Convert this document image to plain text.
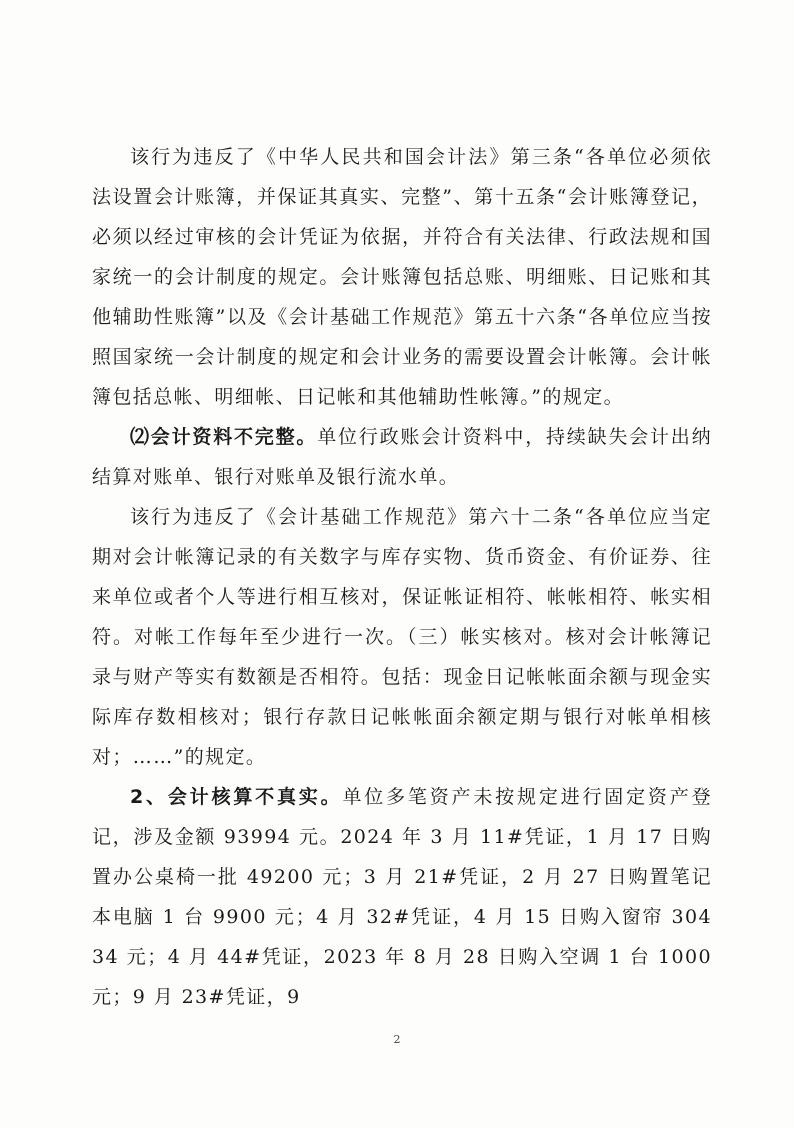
该行为违反了《中华人民共和国会计法》第三条“各单位必须依法设置会计账簿，并保证其真实、完整”、第十五条“会计账簿登记，必须以经过审核的会计凭证为依据，并符合有关法律、行政法规和国家统一的会计制度的规定。会计账簿包括总账、明细账、日记账和其他辅助性账簿”以及《会计基础工作规范》第五十六条“各单位应当按照国家统一会计制度的规定和会计业务的需要设置会计帐簿。会计帐簿包括总帐、明细帐、日记帐和其他辅助性帐簿。”的规定。

⑵会计资料不完整。单位行政账会计资料中，持续缺失会计出纳结算对账单、银行对账单及银行流水单。

该行为违反了《会计基础工作规范》第六十二条“各单位应当定期对会计帐簿记录的有关数字与库存实物、货币资金、有价证券、往来单位或者个人等进行相互核对，保证帐证相符、帐帐相符、帐实相符。对帐工作每年至少进行一次。（三）帐实核对。核对会计帐簿记录与财产等实有数额是否相符。包括：现金日记帐帐面余额与现金实际库存数相核对；银行存款日记帐帐面余额定期与银行对帐单相核对；……”的规定。

2、会计核算不真实。单位多笔资产未按规定进行固定资产登记，涉及金额 93994 元。2024 年 3 月 11#凭证，1 月 17 日购置办公桌椅一批 49200 元；3 月 21#凭证，2 月 27 日购置笔记本电脑 1 台 9900 元；4 月 32#凭证，4 月 15 日购入窗帘 30434 元；4 月 44#凭证，2023 年 8 月 28 日购入空调 1 台 1000 元；9 月 23#凭证，9

2
